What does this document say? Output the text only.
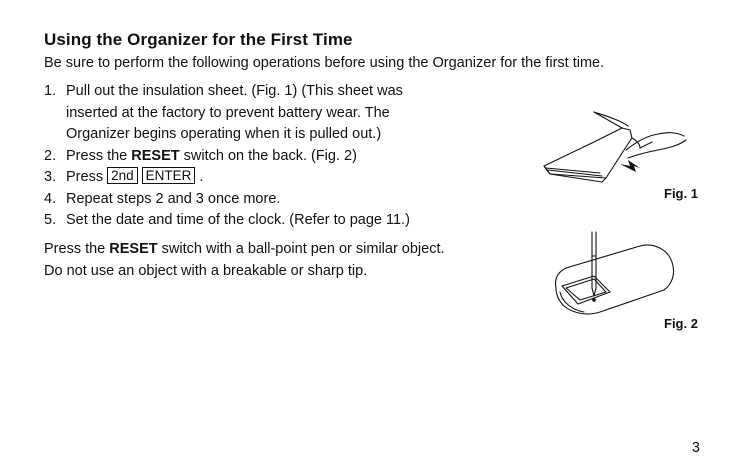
Using the Organizer for the First Time
Be sure to perform the following operations before using the Organizer for the first time.
1. Pull out the insulation sheet. (Fig. 1) (This sheet was
inserted at the factory to prevent battery wear. The
Organizer begins operating when it is pulled out.)
2. Press the RESET switch on the back. (Fig. 2)
3. Press 2nd ENTER .
4. Repeat steps 2 and 3 once more.
5. Set the date and time of the clock. (Refer to page 11.)
Press the RESET switch with a ball-point pen or similar object.
Do not use an object with a breakable or sharp tip.
Fig. 1
Fig. 2
3
